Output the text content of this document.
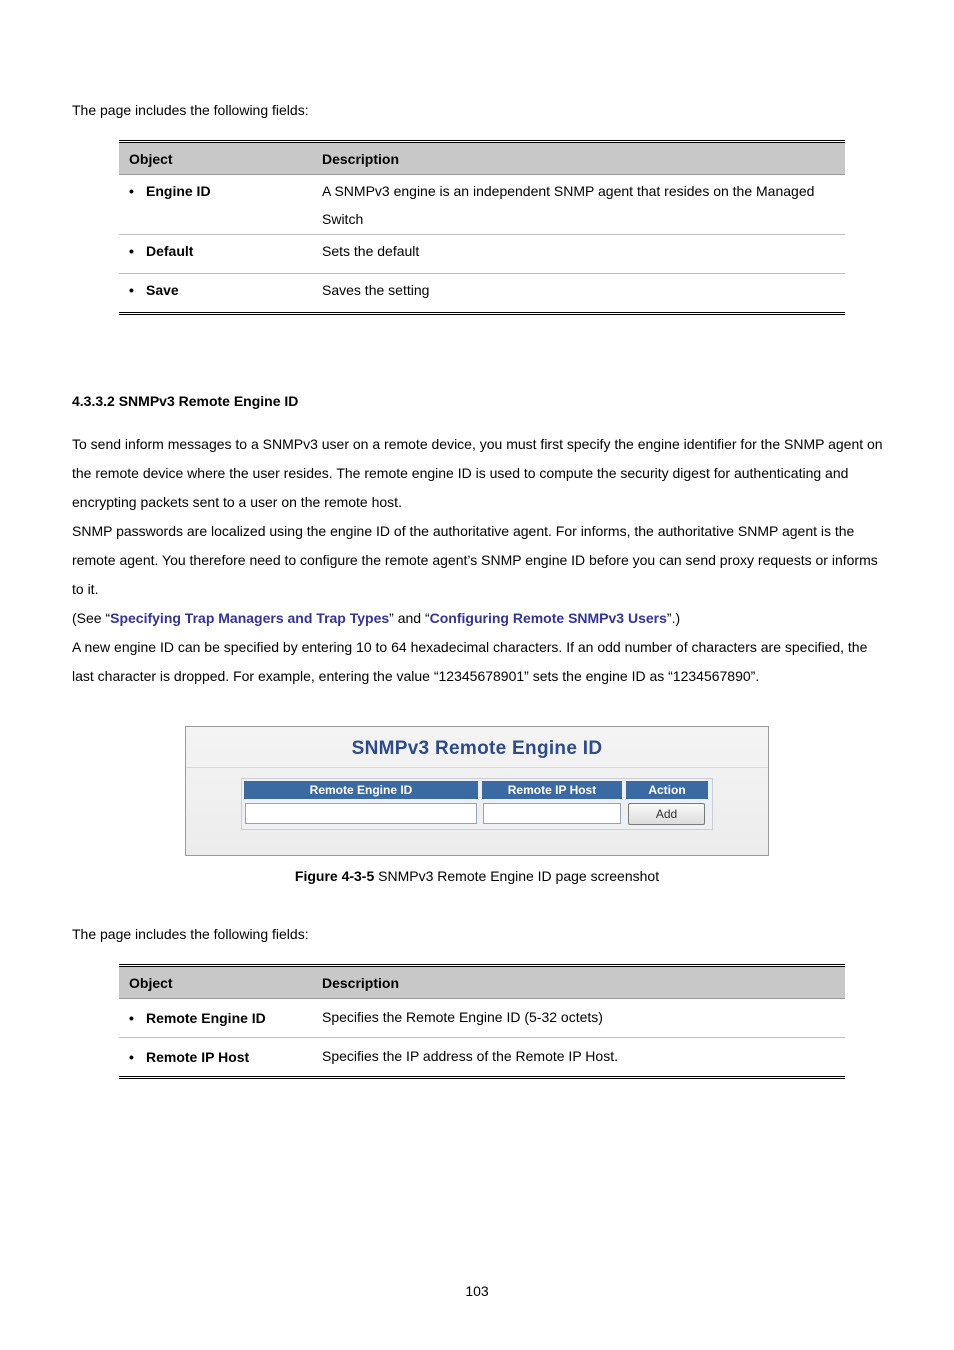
The page includes the following fields:
Object	Description
• Engine ID	A SNMPv3 engine is an independent SNMP agent that resides on the Managed Switch
• Default	Sets the default
• Save	Saves the setting
4.3.3.2 SNMPv3 Remote Engine ID

To send inform messages to a SNMPv3 user on a remote device, you must first specify the engine identifier for the SNMP agent on the remote device where the user resides. The remote engine ID is used to compute the security digest for authenticating and encrypting packets sent to a user on the remote host.

SNMP passwords are localized using the engine ID of the authoritative agent. For informs, the authoritative SNMP agent is the remote agent. You therefore need to configure the remote agent’s SNMP engine ID before you can send proxy requests or informs to it.

(See “Specifying Trap Managers and Trap Types” and “Configuring Remote SNMPv3 Users”.)

A new engine ID can be specified by entering 10 to 64 hexadecimal characters. If an odd number of characters are specified, the last character is dropped. For example, entering the value “12345678901” sets the engine ID as “1234567890”.

SNMPv3 Remote Engine ID
Remote Engine ID	Remote IP Host	Action
Add
Figure 4-3-5 SNMPv3 Remote Engine ID page screenshot
The page includes the following fields:
Object	Description
• Remote Engine ID	Specifies the Remote Engine ID (5-32 octets)
• Remote IP Host	Specifies the IP address of the Remote IP Host.
103
